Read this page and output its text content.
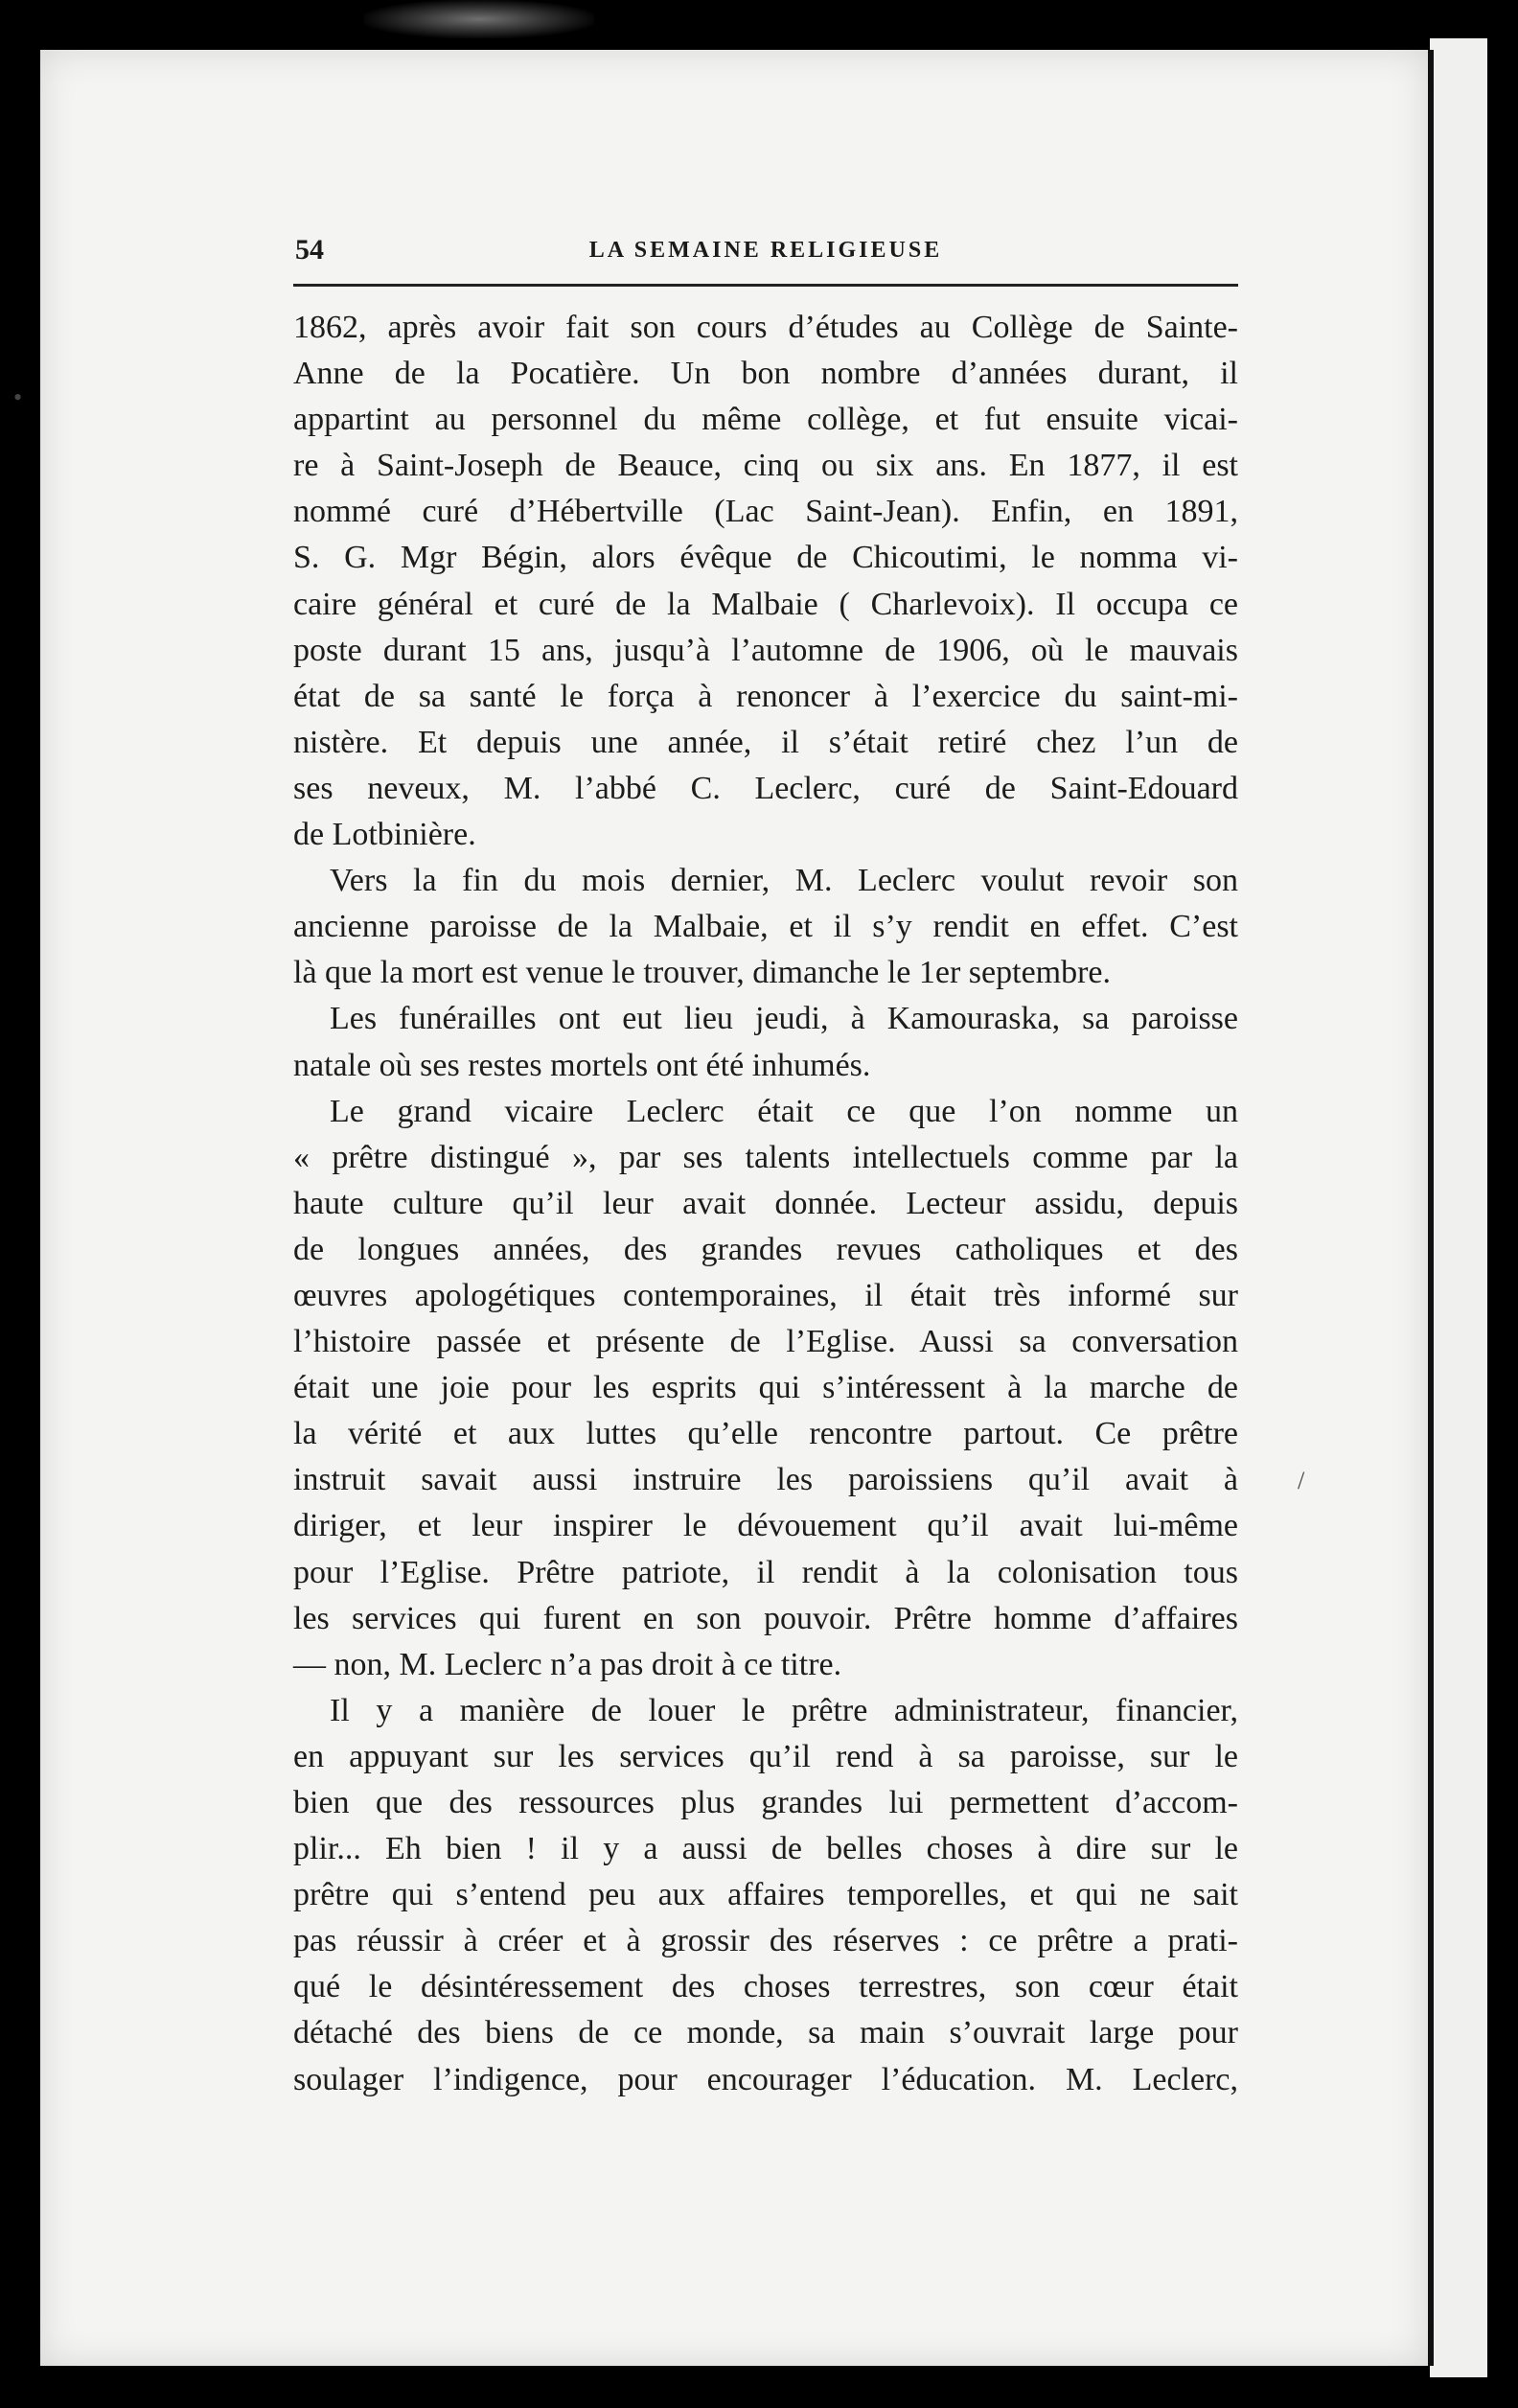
54	LA SEMAINE RELIGIEUSE

1862, après avoir fait son cours d’études au Collège de Sainte-
Anne de la Pocatière. Un bon nombre d’années durant, il
appartint au personnel du même collège, et fut ensuite vicai-
re à Saint-Joseph de Beauce, cinq ou six ans. En 1877, il est
nommé curé d’Hébertville (Lac Saint-Jean). Enfin, en 1891,
S. G. Mgr Bégin, alors évêque de Chicoutimi, le nomma vi-
caire général et curé de la Malbaie ( Charlevoix). Il occupa ce
poste durant 15 ans, jusqu’à l’automne de 1906, où le mauvais
état de sa santé le força à renoncer à l’exercice du saint-mi-
nistère. Et depuis une année, il s’était retiré chez l’un de
ses neveux, M. l’abbé C. Leclerc, curé de Saint-Edouard
de Lotbinière.

Vers la fin du mois dernier, M. Leclerc voulut revoir son
ancienne paroisse de la Malbaie, et il s’y rendit en effet. C’est
là que la mort est venue le trouver, dimanche le 1er septembre.

Les funérailles ont eut lieu jeudi, à Kamouraska, sa paroisse
natale où ses restes mortels ont été inhumés.

Le grand vicaire Leclerc était ce que l’on nomme un
« prêtre distingué », par ses talents intellectuels comme par la
haute culture qu’il leur avait donnée. Lecteur assidu, depuis
de longues années, des grandes revues catholiques et des
œuvres apologétiques contemporaines, il était très informé sur
l’histoire passée et présente de l’Eglise. Aussi sa conversation
était une joie pour les esprits qui s’intéressent à la marche de
la vérité et aux luttes qu’elle rencontre partout. Ce prêtre
instruit savait aussi instruire les paroissiens qu’il avait à
diriger, et leur inspirer le dévouement qu’il avait lui-même
pour l’Eglise. Prêtre patriote, il rendit à la colonisation tous
les services qui furent en son pouvoir. Prêtre homme d’affaires
— non, M. Leclerc n’a pas droit à ce titre.

Il y a manière de louer le prêtre administrateur, financier,
en appuyant sur les services qu’il rend à sa paroisse, sur le
bien que des ressources plus grandes lui permettent d’accom-
plir... Eh bien ! il y a aussi de belles choses à dire sur le
prêtre qui s’entend peu aux affaires temporelles, et qui ne sait
pas réussir à créer et à grossir des réserves : ce prêtre a prati-
qué le désintéressement des choses terrestres, son cœur était
détaché des biens de ce monde, sa main s’ouvrait large pour
soulager l’indigence, pour encourager l’éducation. M. Leclerc,

•
/
